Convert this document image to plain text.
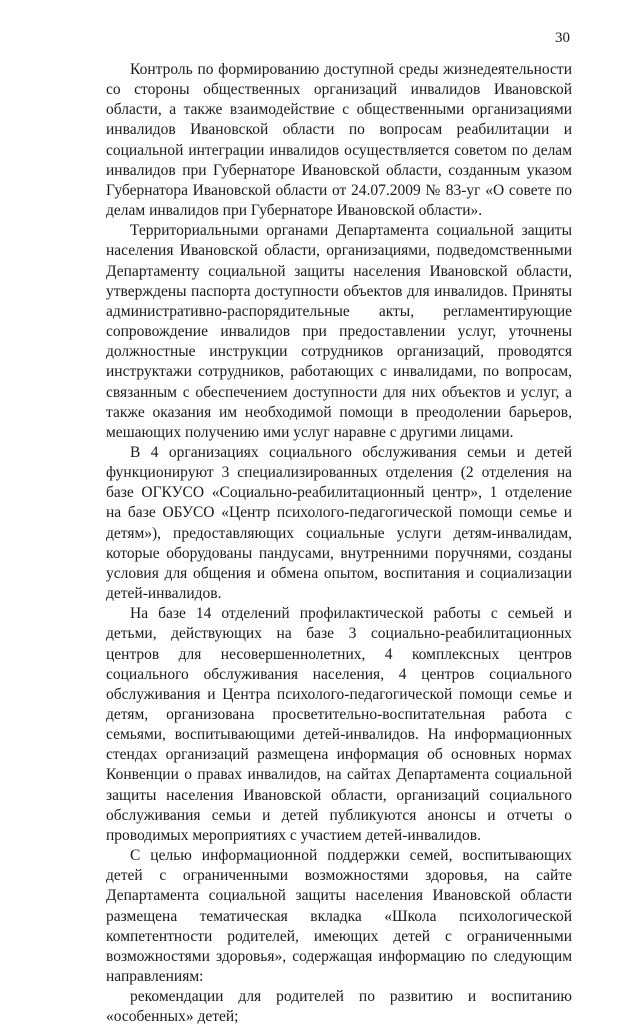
30

Контроль по формированию доступной среды жизнедеятельности со стороны общественных организаций инвалидов Ивановской области, а также взаимодействие с общественными организациями инвалидов Ивановской области по вопросам реабилитации и социальной интеграции инвалидов осуществляется советом по делам инвалидов при Губернаторе Ивановской области, созданным указом Губернатора Ивановской области от 24.07.2009 № 83-уг «О совете по делам инвалидов при Губернаторе Ивановской области».

Территориальными органами Департамента социальной защиты населения Ивановской области, организациями, подведомственными Департаменту социальной защиты населения Ивановской области, утверждены паспорта доступности объектов для инвалидов. Приняты административно-распорядительные акты, регламентирующие сопровождение инвалидов при предоставлении услуг, уточнены должностные инструкции сотрудников организаций, проводятся инструктажи сотрудников, работающих с инвалидами, по вопросам, связанным с обеспечением доступности для них объектов и услуг, а также оказания им необходимой помощи в преодолении барьеров, мешающих получению ими услуг наравне с другими лицами.

В 4 организациях социального обслуживания семьи и детей функционируют 3 специализированных отделения (2 отделения на базе ОГКУСО «Социально-реабилитационный центр», 1 отделение на базе ОБУСО «Центр психолого-педагогической помощи семье и детям»), предоставляющих социальные услуги детям-инвалидам, которые оборудованы пандусами, внутренними поручнями, созданы условия для общения и обмена опытом, воспитания и социализации детей-инвалидов.

На базе 14 отделений профилактической работы с семьей и детьми, действующих на базе 3 социально-реабилитационных центров для несовершеннолетних, 4 комплексных центров социального обслуживания населения, 4 центров социального обслуживания и Центра психолого-педагогической помощи семье и детям, организована просветительно-воспитательная работа с семьями, воспитывающими детей-инвалидов. На информационных стендах организаций размещена информация об основных нормах Конвенции о правах инвалидов, на сайтах Департамента социальной защиты населения Ивановской области, организаций социального обслуживания семьи и детей публикуются анонсы и отчеты о проводимых мероприятиях с участием детей-инвалидов.

С целью информационной поддержки семей, воспитывающих детей с ограниченными возможностями здоровья, на сайте Департамента социальной защиты населения Ивановской области размещена тематическая вкладка «Школа психологической компетентности родителей, имеющих детей с ограниченными возможностями здоровья», содержащая информацию по следующим направлениям:

рекомендации для родителей по развитию и воспитанию «особенных» детей;
